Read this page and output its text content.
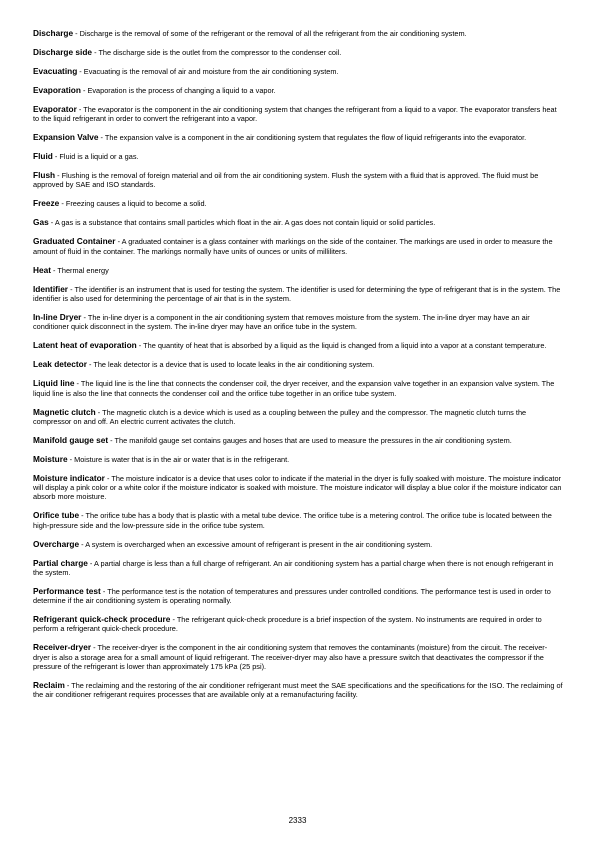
Discharge - Discharge is the removal of some of the refrigerant or the removal of all the refrigerant from the air conditioning system.

Discharge side - The discharge side is the outlet from the compressor to the condenser coil.

Evacuating - Evacuating is the removal of air and moisture from the air conditioning system.

Evaporation - Evaporation is the process of changing a liquid to a vapor.

Evaporator - The evaporator is the component in the air conditioning system that changes the refrigerant from a liquid to a vapor. The evaporator transfers heat to the liquid refrigerant in order to convert the refrigerant into a vapor.

Expansion Valve - The expansion valve is a component in the air conditioning system that regulates the flow of liquid refrigerants into the evaporator.

Fluid - Fluid is a liquid or a gas.

Flush - Flushing is the removal of foreign material and oil from the air conditioning system. Flush the system with a fluid that is approved. The fluid must be approved by SAE and ISO standards.

Freeze - Freezing causes a liquid to become a solid.

Gas - A gas is a substance that contains small particles which float in the air. A gas does not contain liquid or solid particles.

Graduated Container - A graduated container is a glass container with markings on the side of the container. The markings are used in order to measure the amount of fluid in the container. The markings normally have units of ounces or units of milliliters.

Heat - Thermal energy

Identifier - The identifier is an instrument that is used for testing the system. The identifier is used for determining the type of refrigerant that is in the system. The identifier is also used for determining the percentage of air that is in the system.

In-line Dryer - The in-line dryer is a component in the air conditioning system that removes moisture from the system. The in-line dryer may have an air conditioner quick disconnect in the system. The in-line dryer may have an orifice tube in the system.

Latent heat of evaporation - The quantity of heat that is absorbed by a liquid as the liquid is changed from a liquid into a vapor at a constant temperature.

Leak detector - The leak detector is a device that is used to locate leaks in the air conditioning system.

Liquid line - The liquid line is the line that connects the condenser coil, the dryer receiver, and the expansion valve together in an expansion valve system. The liquid line is also the line that connects the condenser coil and the orifice tube together in an orifice tube system.

Magnetic clutch - The magnetic clutch is a device which is used as a coupling between the pulley and the compressor. The magnetic clutch turns the compressor on and off. An electric current activates the clutch.

Manifold gauge set - The manifold gauge set contains gauges and hoses that are used to measure the pressures in the air conditioning system.

Moisture - Moisture is water that is in the air or water that is in the refrigerant.

Moisture indicator - The moisture indicator is a device that uses color to indicate if the material in the dryer is fully soaked with moisture. The moisture indicator will display a pink color or a white color if the moisture indicator is soaked with moisture. The moisture indicator will display a blue color if the moisture indicator can absorb more moisture.

Orifice tube - The orifice tube has a body that is plastic with a metal tube device. The orifice tube is a metering control. The orifice tube is located between the high-pressure side and the low-pressure side in the orifice tube system.

Overcharge - A system is overcharged when an excessive amount of refrigerant is present in the air conditioning system.

Partial charge - A partial charge is less than a full charge of refrigerant. An air conditioning system has a partial charge when there is not enough refrigerant in the system.

Performance test - The performance test is the notation of temperatures and pressures under controlled conditions. The performance test is used in order to determine if the air conditioning system is operating normally.

Refrigerant quick-check procedure - The refrigerant quick-check procedure is a brief inspection of the system. No instruments are required in order to perform a refrigerant quick-check procedure.

Receiver-dryer - The receiver-dryer is the component in the air conditioning system that removes the contaminants (moisture) from the circuit. The receiver-dryer is also a storage area for a small amount of liquid refrigerant. The receiver-dryer may also have a pressure switch that deactivates the compressor if the pressure of the refrigerant is lower than approximately 175 kPa (25 psi).

Reclaim - The reclaiming and the restoring of the air conditioner refrigerant must meet the SAE specifications and the specifications for the ISO. The reclaiming of the air conditioner refrigerant requires processes that are available only at a remanufacturing facility.

2333
